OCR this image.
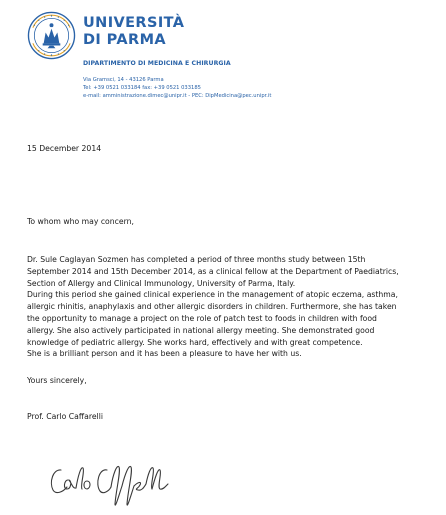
UNIVERSITÀ
DI PARMA
DIPARTIMENTO DI MEDICINA E CHIRURGIA
Via Gramsci, 14 - 43126 Parma
Tel: +39 0521 033184 fax: +39 0521 033185
e-mail: amministrazione.dimec@unipr.it - PEC: DipMedicina@pec.unipr.it
15 December 2014
To whom who may concern,
Dr. Sule Caglayan Sozmen has completed a period of three months study between 15th
September 2014 and 15th December 2014, as a clinical fellow at the Department of Paediatrics,
Section of Allergy and Clinical Immunology, University of Parma, Italy.
During this period she gained clinical experience in the management of atopic eczema, asthma,
allergic rhinitis, anaphylaxis and other allergic disorders in children. Furthermore, she has taken
the opportunity to manage a project on the role of patch test to foods in children with food
allergy. She also actively participated in national allergy meeting. She demonstrated good
knowledge of pediatric allergy. She works hard, effectively and with great competence.
She is a brilliant person and it has been a pleasure to have her with us.
Yours sincerely,
Prof. Carlo Caffarelli
